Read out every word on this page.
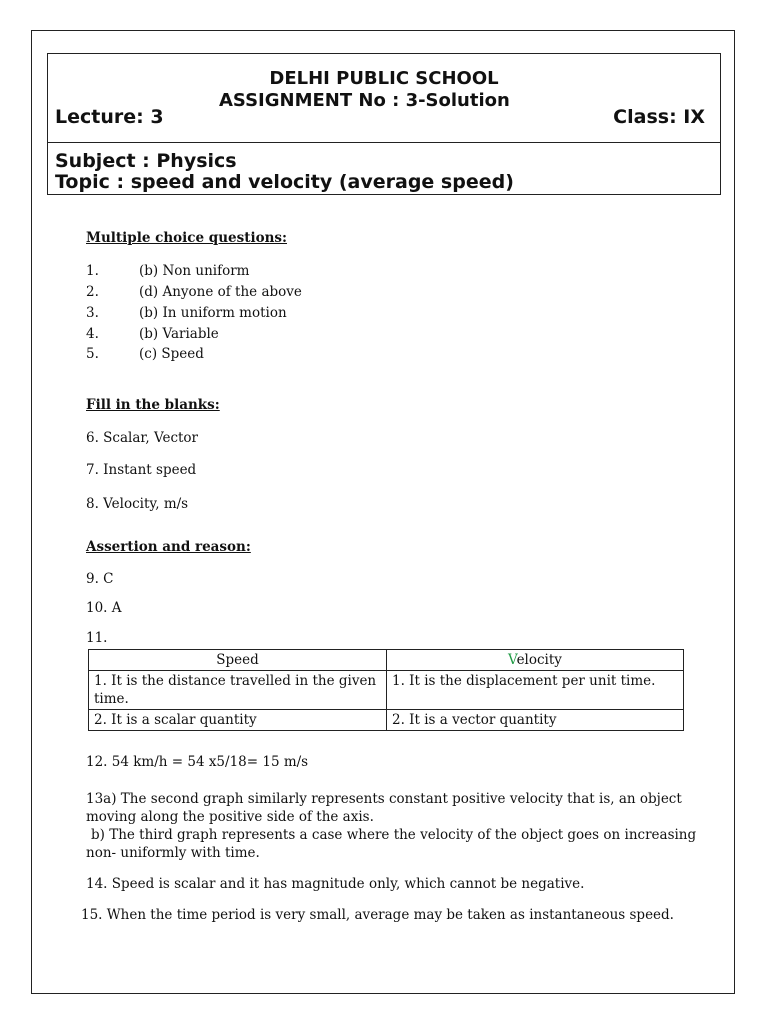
DELHI PUBLIC SCHOOL
ASSIGNMENT No : 3-Solution
Lecture: 3	Class: IX
Subject : Physics
Topic : speed and velocity (average speed)
Multiple choice questions:
1.	(b) Non uniform
2.	(d) Anyone of the above
3.	(b) In uniform motion
4.	(b) Variable
5.	(c) Speed
Fill in the blanks:
6. Scalar, Vector
7. Instant speed
8. Velocity, m/s
Assertion and reason:
9. C
10. A
11.
Speed	Velocity
1. It is the distance travelled in the given time.	1. It is the displacement per unit time.
2. It is a scalar quantity	2. It is a vector quantity
12. 54 km/h = 54 x5/18= 15 m/s
13a) The second graph similarly represents constant positive velocity that is, an object moving along the positive side of the axis.
b) The third graph represents a case where the velocity of the object goes on increasing non- uniformly with time.
14. Speed is scalar and it has magnitude only, which cannot be negative.
15. When the time period is very small, average may be taken as instantaneous speed.
